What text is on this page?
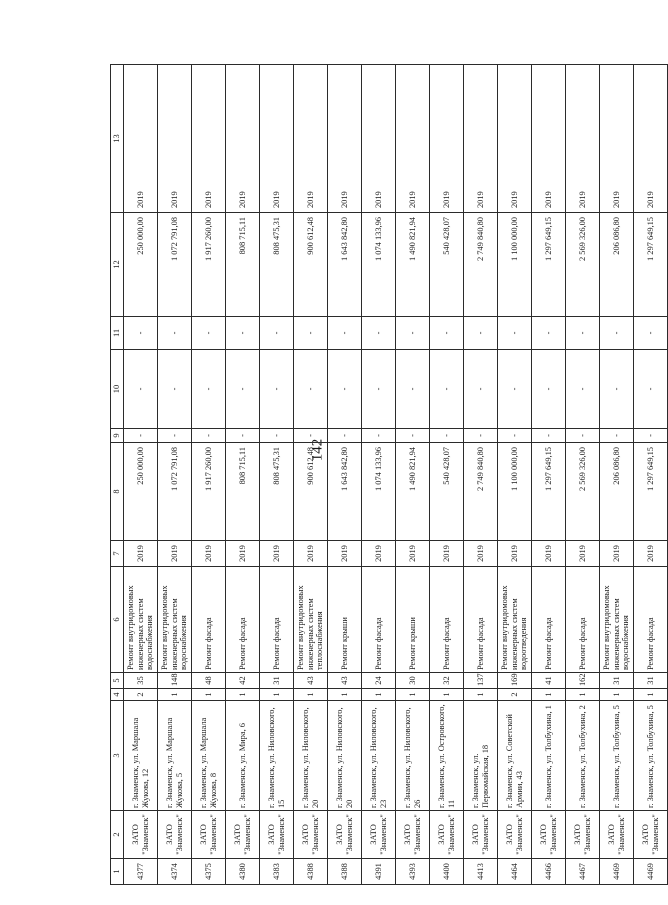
142
1	2	3	4	5	6	7	8	9	10	11	12	13
4377	ЗАТО "Знаменск"	г. Знаменск, ул. Маршала Жукова, 12	2	35	Ремонт внутридомовых инженерных систем водоснабжения	2019	250 000,00	-	-	-	250 000,00	2019
4374	ЗАТО "Знаменск"	г. Знаменск, ул. Маршала Жукова, 5	1	148	Ремонт внутридомовых инженерных систем водоснабжения	2019	1 072 791,08	-	-	-	1 072 791,08	2019
4375	ЗАТО "Знаменск"	г. Знаменск, ул. Маршала Жукова, 8	1	48	Ремонт фасада	2019	1 917 260,00	-	-	-	1 917 260,00	2019
4380	ЗАТО "Знаменск"	г. Знаменск, ул. Мира, 6	1	42	Ремонт фасада	2019	808 715,11	-	-	-	808 715,11	2019
4383	ЗАТО "Знаменск"	г. Знаменск, ул. Ниловского, 15	1	31	Ремонт фасада	2019	808 475,31	-	-	-	808 475,31	2019
4388	ЗАТО "Знаменск"	г. Знаменск, ул. Ниловского, 20	1	43	Ремонт внутридомовых инженерных систем теплоснабжения	2019	900 612,48	-	-	-	900 612,48	2019
4388	ЗАТО "Знаменск"	г. Знаменск, ул. Ниловского, 20	1	43	Ремонт крыши	2019	1 643 842,80	-	-	-	1 643 842,80	2019
4391	ЗАТО "Знаменск"	г. Знаменск, ул. Ниловского, 23	1	24	Ремонт фасада	2019	1 074 133,96	-	-	-	1 074 133,96	2019
4393	ЗАТО "Знаменск"	г. Знаменск, ул. Ниловского, 26	1	30	Ремонт крыши	2019	1 490 821,94	-	-	-	1 490 821,94	2019
4400	ЗАТО "Знаменск"	г. Знаменск, ул. Островского, 11	1	32	Ремонт фасада	2019	540 428,07	-	-	-	540 428,07	2019
4413	ЗАТО "Знаменск"	г. Знаменск, ул. Первомайская, 18	1	137	Ремонт фасада	2019	2 749 840,80	-	-	-	2 749 840,80	2019
4464	ЗАТО "Знаменск"	г. Знаменск, ул. Советской Армии, 43	2	169	Ремонт внутридомовых инженерных систем водоотведения	2019	1 100 000,00	-	-	-	1 100 000,00	2019
4466	ЗАТО "Знаменск"	г. Знаменск, ул. Толбухина, 1	1	41	Ремонт фасада	2019	1 297 649,15	-	-	-	1 297 649,15	2019
4467	ЗАТО "Знаменск"	г. Знаменск, ул. Толбухина, 2	1	162	Ремонт фасада	2019	2 569 326,00	-	-	-	2 569 326,00	2019
4469	ЗАТО "Знаменск"	г. Знаменск, ул. Толбухина, 5	1	31	Ремонт внутридомовых инженерных систем водоснабжения	2019	206 086,80	-	-	-	206 086,80	2019
4469	ЗАТО "Знаменск"	г. Знаменск, ул. Толбухина, 5	1	31	Ремонт фасада	2019	1 297 649,15	-	-	-	1 297 649,15	2019
